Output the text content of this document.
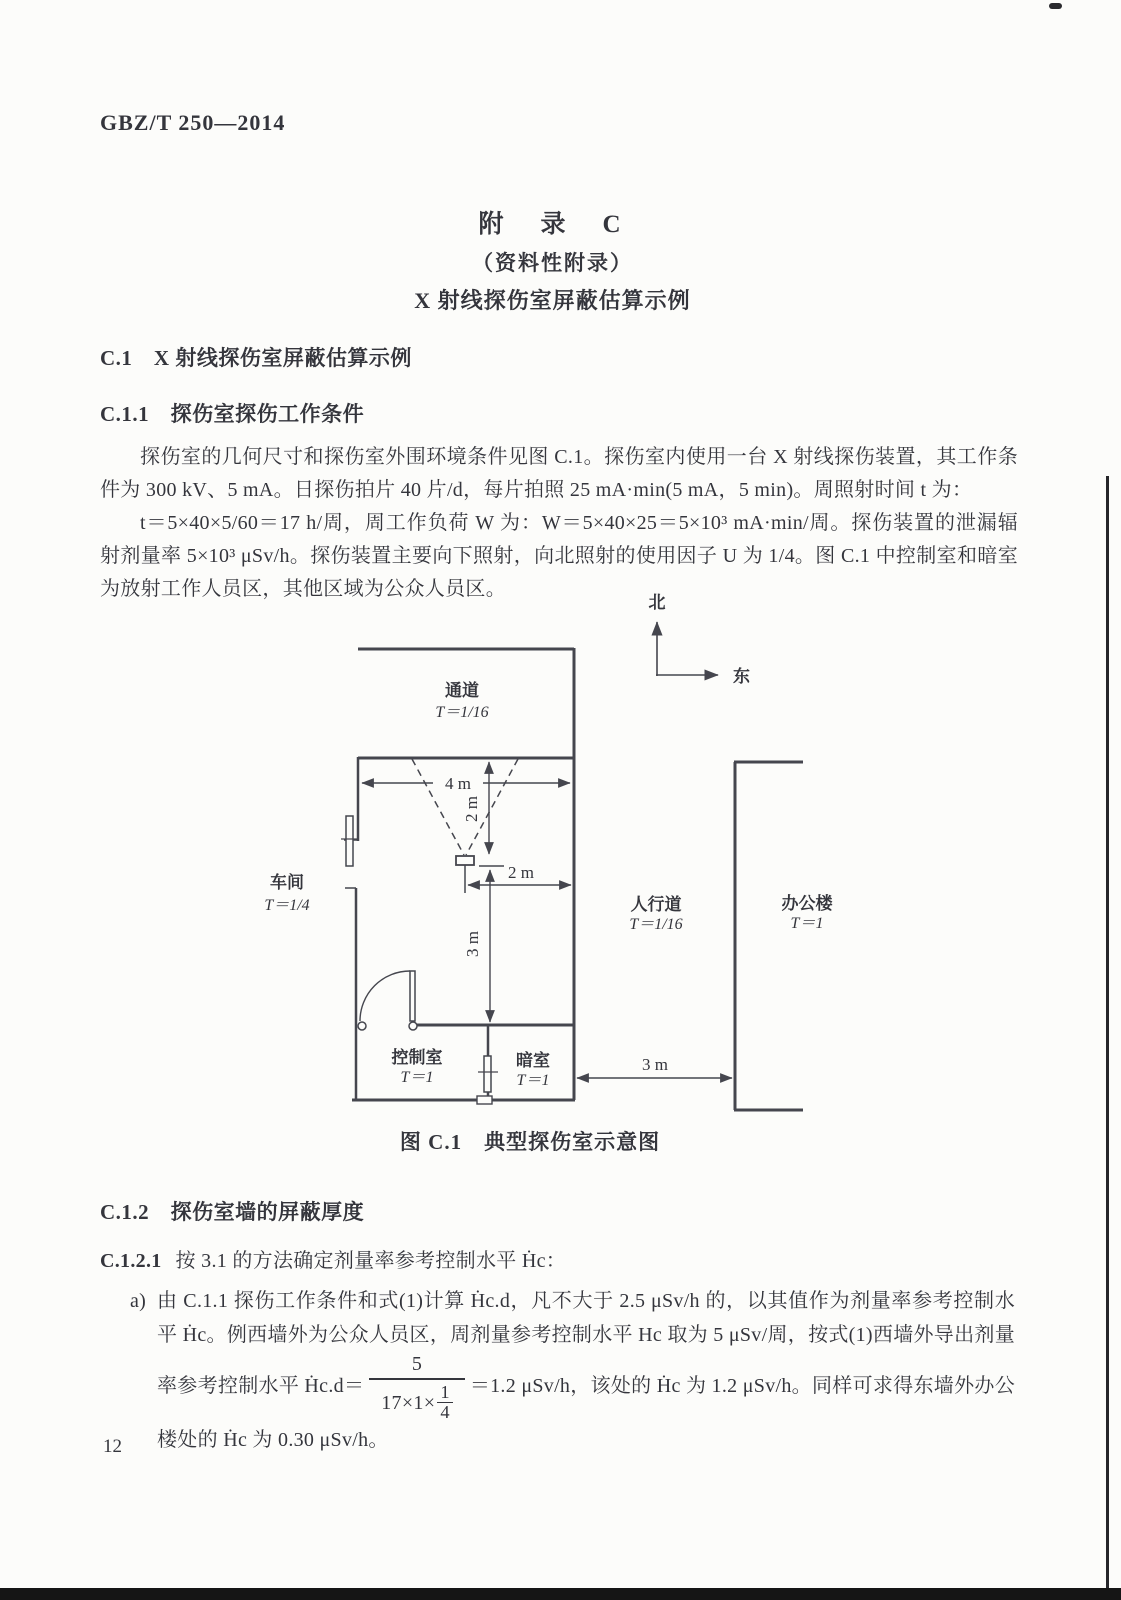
GBZ/T 250—2014
附　录　C
（资料性附录）
X 射线探伤室屏蔽估算示例
C.1　X 射线探伤室屏蔽估算示例
C.1.1　探伤室探伤工作条件

探伤室的几何尺寸和探伤室外围环境条件见图 C.1。探伤室内使用一台 X 射线探伤装置，其工作条件为 300 kV、5 mA。日探伤拍片 40 片/d，每片拍照 25 mA·min(5 mA，5 min)。周照射时间 t 为：

t＝5×40×5/60＝17 h/周，周工作负荷 W 为：W＝5×40×25＝5×10³ mA·min/周。探伤装置的泄漏辐射剂量率 5×10³ μSv/h。探伤装置主要向下照射，向北照射的使用因子 U 为 1/4。图 C.1 中控制室和暗室为放射工作人员区，其他区域为公众人员区。

北
东
4 m
2 m
2 m
3 m
3 m
通道
T＝1/16
车间
T＝1/4	人行道
T＝1/16
办公楼
T＝1
控制室
T＝1
暗室
T＝1
图 C.1　典型探伤室示意图
C.1.2　探伤室墙的屏蔽厚度
C.1.2.1 按 3.1 的方法确定剂量率参考控制水平 Ḣc：
a) 由 C.1.1 探伤工作条件和式(1)计算 Ḣc.d，凡不大于 2.5 μSv/h 的，以其值作为剂量率参考控制水平 Ḣc。例西墙外为公众人员区，周剂量参考控制水平 Hc 取为 5 μSv/周，按式(1)西墙外导出剂量率参考控制水平 Ḣc.d＝ $\frac{5}{17\times 1\times \frac{1}{4}} =1.2$ μSv/h，该处的 Ḣc 为 1.2 μSv/h。同样可求得东墙外办公楼处的 Ḣc 为 0.30 μSv/h。

12
